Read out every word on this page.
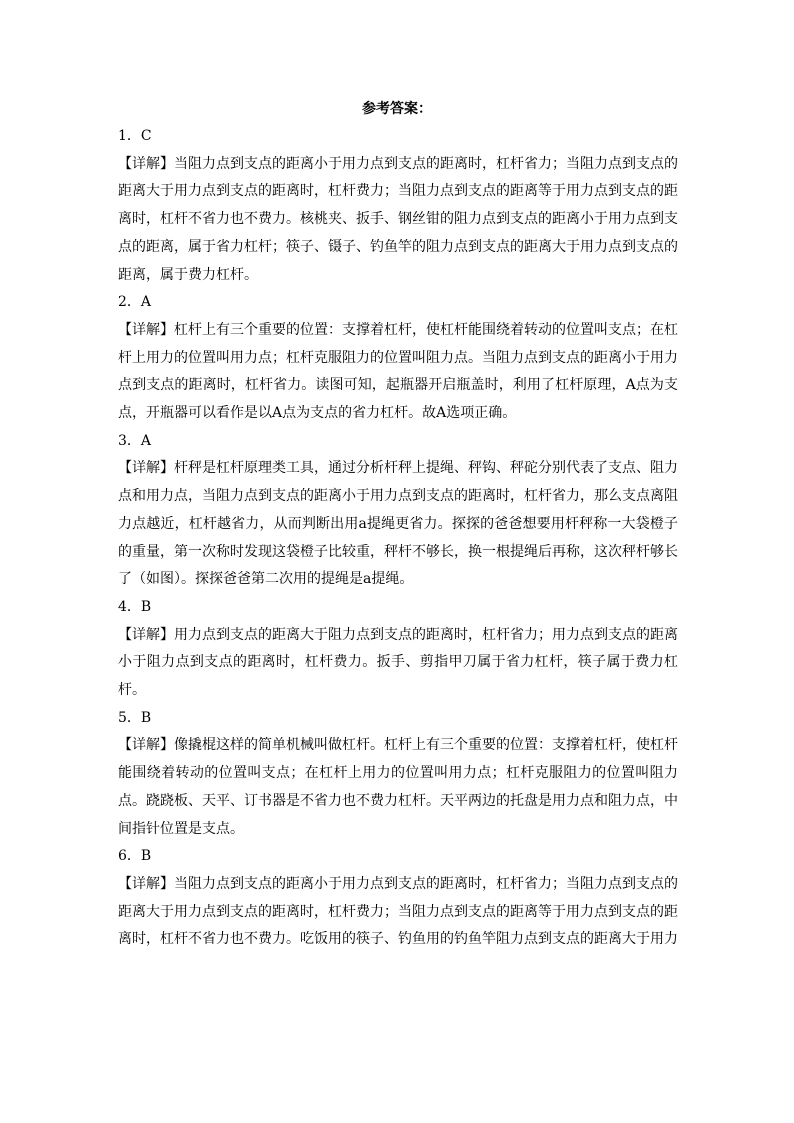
参考答案：

1．C

【详解】当阻力点到支点的距离小于用力点到支点的距离时，杠杆省力；当阻力点到支点的距离大于用力点到支点的距离时，杠杆费力；当阻力点到支点的距离等于用力点到支点的距离时，杠杆不省力也不费力。核桃夹、扳手、钢丝钳的阻力点到支点的距离小于用力点到支点的距离，属于省力杠杆；筷子、镊子、钓鱼竿的阻力点到支点的距离大于用力点到支点的距离，属于费力杠杆。

2．A

【详解】杠杆上有三个重要的位置：支撑着杠杆，使杠杆能围绕着转动的位置叫支点；在杠杆上用力的位置叫用力点；杠杆克服阻力的位置叫阻力点。当阻力点到支点的距离小于用力点到支点的距离时，杠杆省力。读图可知，起瓶器开启瓶盖时，利用了杠杆原理，A点为支点，开瓶器可以看作是以A点为支点的省力杠杆。故A选项正确。

3．A

【详解】杆秤是杠杆原理类工具，通过分析杆秤上提绳、秤钩、秤砣分别代表了支点、阻力点和用力点，当阻力点到支点的距离小于用力点到支点的距离时，杠杆省力，那么支点离阻力点越近，杠杆越省力，从而判断出用a提绳更省力。探探的爸爸想要用杆秤称一大袋橙子的重量，第一次称时发现这袋橙子比较重，秤杆不够长，换一根提绳后再称，这次秤杆够长了（如图）。探探爸爸第二次用的提绳是a提绳。

4．B

【详解】用力点到支点的距离大于阻力点到支点的距离时，杠杆省力；用力点到支点的距离小于阻力点到支点的距离时，杠杆费力。扳手、剪指甲刀属于省力杠杆，筷子属于费力杠杆。

5．B

【详解】像撬棍这样的简单机械叫做杠杆。杠杆上有三个重要的位置：支撑着杠杆，使杠杆能围绕着转动的位置叫支点；在杠杆上用力的位置叫用力点；杠杆克服阻力的位置叫阻力点。跷跷板、天平、订书器是不省力也不费力杠杆。天平两边的托盘是用力点和阻力点，中间指针位置是支点。

6．B

【详解】当阻力点到支点的距离小于用力点到支点的距离时，杠杆省力；当阻力点到支点的距离大于用力点到支点的距离时，杠杆费力；当阻力点到支点的距离等于用力点到支点的距离时，杠杆不省力也不费力。吃饭用的筷子、钓鱼用的钓鱼竿阻力点到支点的距离大于用力
